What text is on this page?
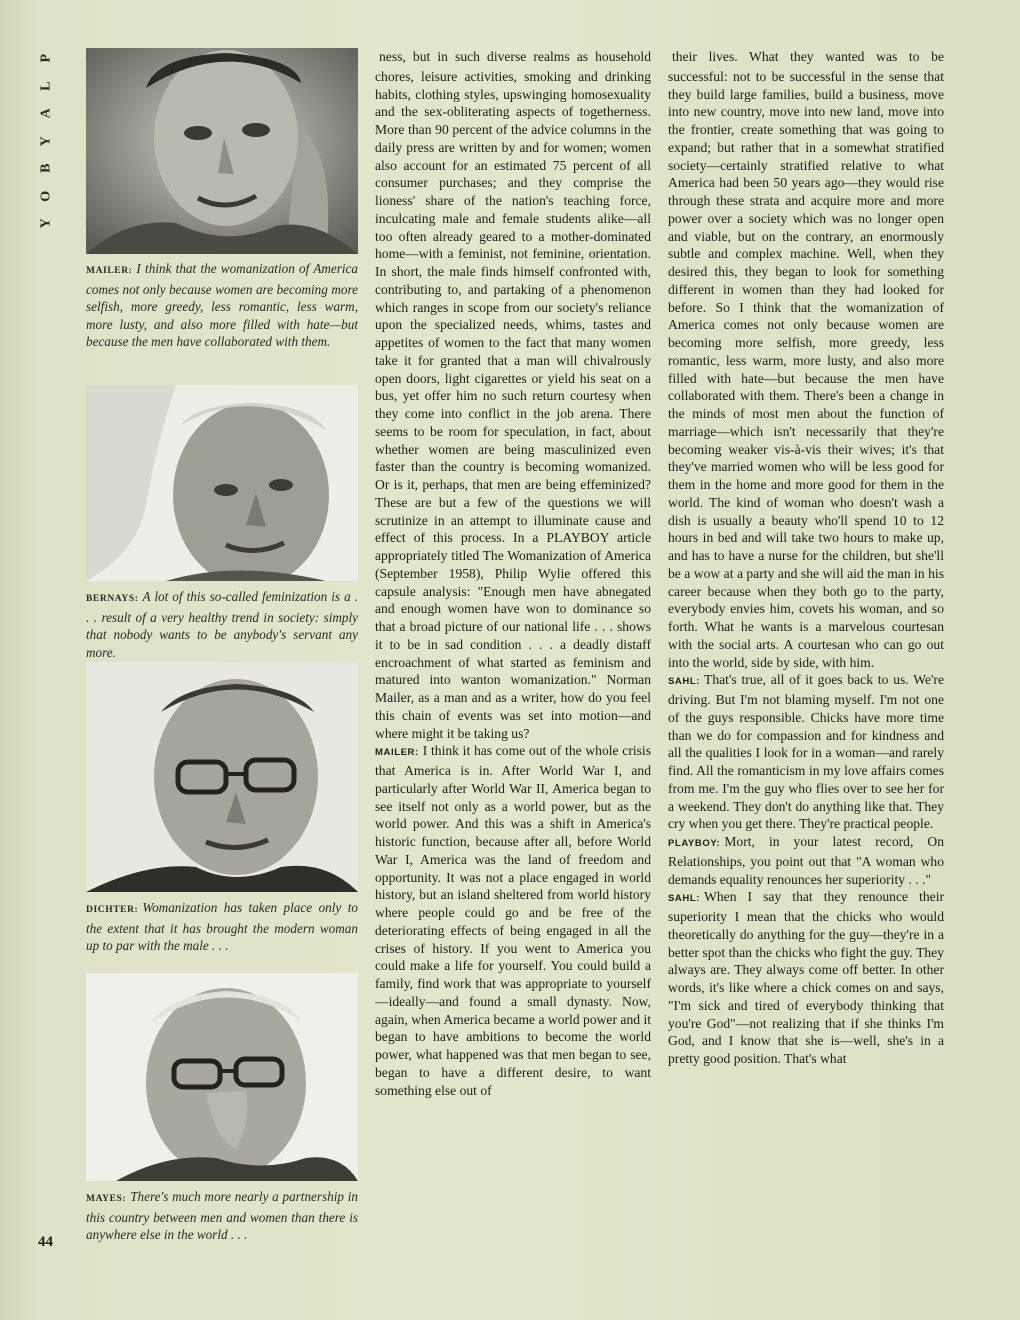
P
L
A
Y
B
O
Y
44
MAILER: I think that the womanization of America comes not only because women are becoming more selfish, more greedy, less romantic, less warm, more lusty, and also more filled with hate—but because the men have collaborated with them.
BERNAYS: A lot of this so-called feminization is a . . . result of a very healthy trend in society: simply that nobody wants to be anybody's servant any more.
DICHTER: Womanization has taken place only to the extent that it has brought the modern woman up to par with the male . . .
MAYES: There's much more nearly a partnership in this country between men and women than there is anywhere else in the world . . .

ness, but in such diverse realms as household chores, leisure activities, smoking and drinking habits, clothing styles, upswinging homosexuality and the sex-obliterating aspects of togetherness. More than 90 percent of the advice columns in the daily press are written by and for women; women also account for an estimated 75 percent of all consumer purchases; and they comprise the lioness' share of the nation's teaching force, inculcating male and female students alike—all too often already geared to a mother-dominated home—with a feminist, not feminine, orientation. In short, the male finds himself confronted with, contributing to, and partaking of a phenomenon which ranges in scope from our society's reliance upon the specialized needs, whims, tastes and appetites of women to the fact that many women take it for granted that a man will chivalrously open doors, light cigarettes or yield his seat on a bus, yet offer him no such return courtesy when they come into conflict in the job arena. There seems to be room for speculation, in fact, about whether women are being masculinized even faster than the country is becoming womanized. Or is it, perhaps, that men are being effeminized? These are but a few of the questions we will scrutinize in an attempt to illuminate cause and effect of this process. In a PLAYBOY article appropriately titled The Womanization of America (September 1958), Philip Wylie offered this capsule analysis: "Enough men have abnegated and enough women have won to dominance so that a broad picture of our national life . . . shows it to be in sad condition . . . a deadly distaff encroachment of what started as feminism and matured into wanton womanization." Norman Mailer, as a man and as a writer, how do you feel this chain of events was set into motion—and where might it be taking us?

MAILER: I think it has come out of the whole crisis that America is in. After World War I, and particularly after World War II, America began to see itself not only as a world power, but as the world power. And this was a shift in America's historic function, because after all, before World War I, America was the land of freedom and opportunity. It was not a place engaged in world history, but an island sheltered from world history where people could go and be free of the deteriorating effects of being engaged in all the crises of history. If you went to America you could make a life for yourself. You could build a family, find work that was appropriate to yourself—ideally—and found a small dynasty. Now, again, when America became a world power and it began to have ambitions to become the world power, what happened was that men began to see, began to have a different desire, to want something else out of

their lives. What they wanted was to be successful: not to be successful in the sense that they build large families, build a business, move into new country, move into new land, move into the frontier, create something that was going to expand; but rather that in a somewhat stratified society—certainly stratified relative to what America had been 50 years ago—they would rise through these strata and acquire more and more power over a society which was no longer open and viable, but on the contrary, an enormously subtle and complex machine. Well, when they desired this, they began to look for something different in women than they had looked for before. So I think that the womanization of America comes not only because women are becoming more selfish, more greedy, less romantic, less warm, more lusty, and also more filled with hate—but because the men have collaborated with them. There's been a change in the minds of most men about the function of marriage—which isn't necessarily that they're becoming weaker vis-à-vis their wives; it's that they've married women who will be less good for them in the home and more good for them in the world. The kind of woman who doesn't wash a dish is usually a beauty who'll spend 10 to 12 hours in bed and will take two hours to make up, and has to have a nurse for the children, but she'll be a wow at a party and she will aid the man in his career because when they both go to the party, everybody envies him, covets his woman, and so forth. What he wants is a marvelous courtesan with the social arts. A courtesan who can go out into the world, side by side, with him.

SAHL: That's true, all of it goes back to us. We're driving. But I'm not blaming myself. I'm not one of the guys responsible. Chicks have more time than we do for compassion and for kindness and all the qualities I look for in a woman—and rarely find. All the romanticism in my love affairs comes from me. I'm the guy who flies over to see her for a weekend. They don't do anything like that. They cry when you get there. They're practical people.

PLAYBOY: Mort, in your latest record, On Relationships, you point out that "A woman who demands equality renounces her superiority . . ."

SAHL: When I say that they renounce their superiority I mean that the chicks who would theoretically do anything for the guy—they're in a better spot than the chicks who fight the guy. They always are. They always come off better. In other words, it's like where a chick comes on and says, "I'm sick and tired of everybody thinking that you're God"—not realizing that if she thinks I'm God, and I know that she is—well, she's in a pretty good position. That's what
